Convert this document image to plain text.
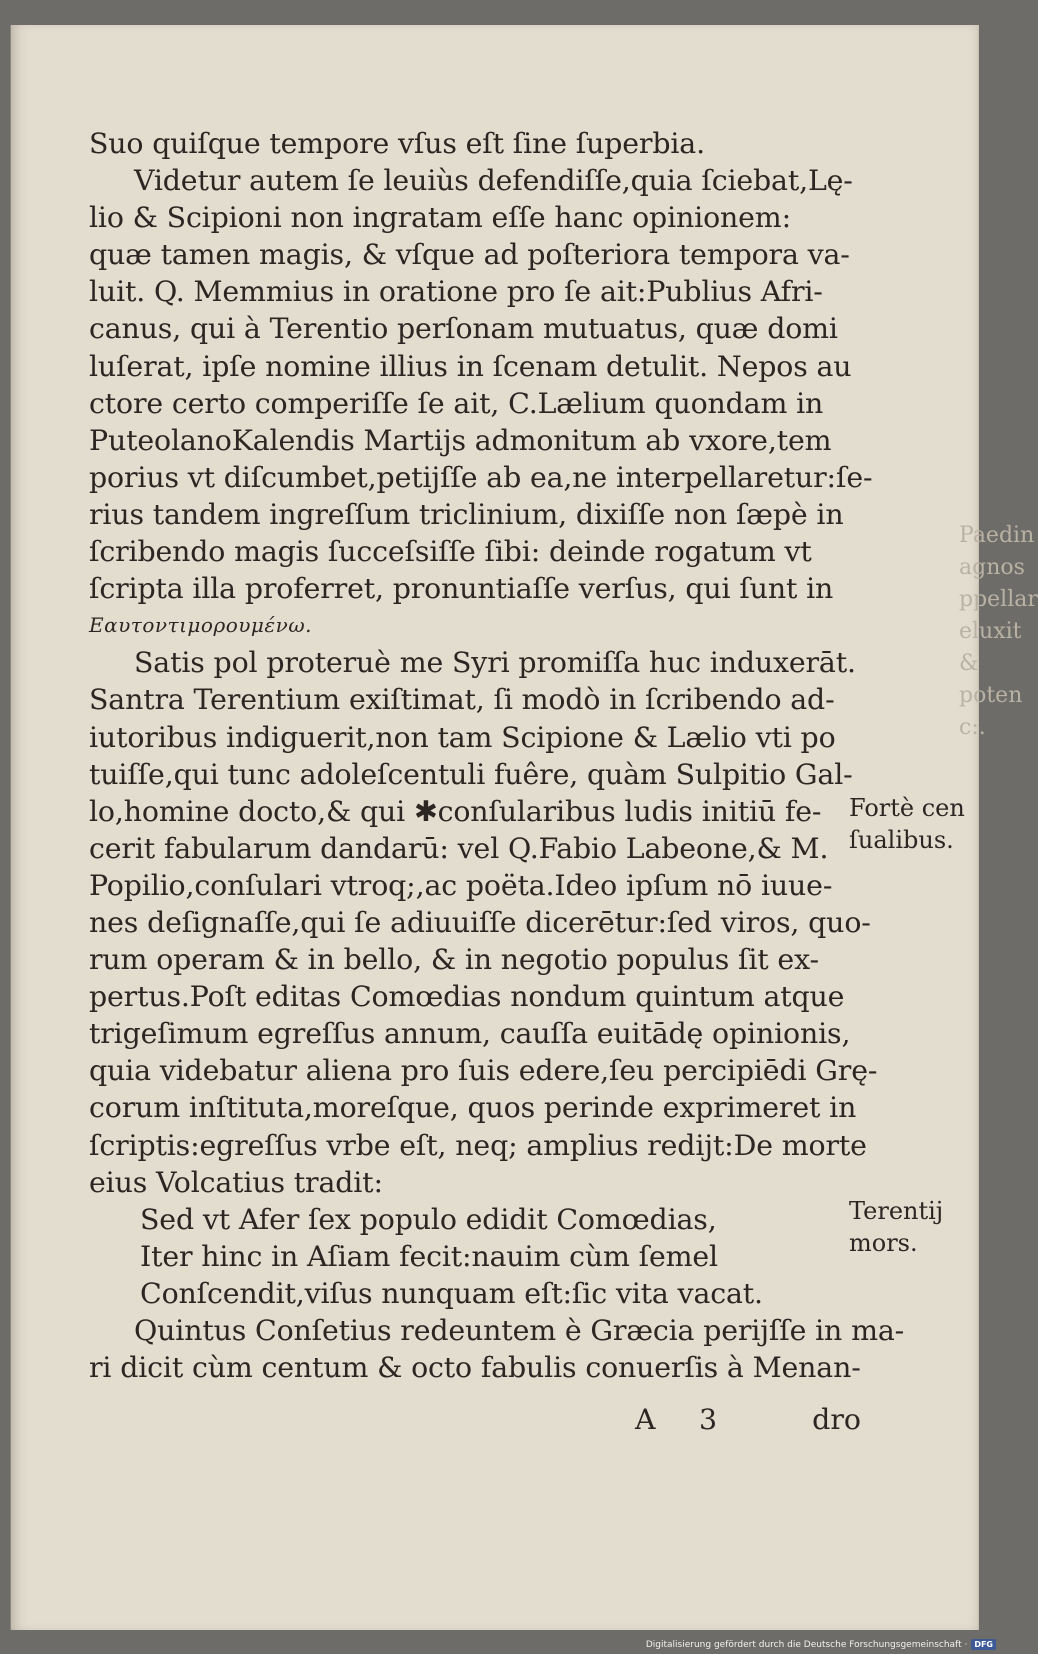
Suo quiſque tempore vſus eſt ſine ſuperbia.
Videtur autem ſe leuiùs defendiſſe,quia ſciebat,Lę-
lio & Scipioni non ingratam eſſe hanc opinionem:
quæ tamen magis, & vſque ad poſteriora tempora va-
luit. Q. Memmius in oratione pro ſe ait:Publius Afri-
canus, qui à Terentio perſonam mutuatus, quæ domi
luſerat, ipſe nomine illius in ſcenam detulit. Nepos au
ctore certo comperiſſe ſe ait, C.Lælium quondam in
PuteolanoKalendis Martijs admonitum ab vxore,tem
porius vt diſcumbet,petijſſe ab ea,ne interpellaretur:ſe-
rius tandem ingreſſum triclinium, dixiſſe non ſæpè in
ſcribendo magis ſucceſsiſſe ſibi: deinde rogatum vt
ſcripta illa proferret, pronuntiaſſe verſus, qui ſunt in
Εαυτοντιμορουμένω.
Satis pol proteruè me Syri promiſſa huc induxerāt.
Santra Terentium exiſtimat, ſi modò in ſcribendo ad-
iutoribus indiguerit,non tam Scipione & Lælio vti po
tuiſſe,qui tunc adoleſcentuli fuêre, quàm Sulpitio Gal-
lo,homine docto,& qui ✱conſularibus ludis initiū fe-
cerit fabularum dandarū: vel Q.Fabio Labeone,& M.
Popilio,conſulari vtroq;,ac poëta.Ideo ipſum nō iuue-
nes deſignaſſe,qui ſe adiuuiſſe dicerētur:ſed viros, quo-
rum operam & in bello, & in negotio populus ſit ex-
pertus.Poſt editas Comœdias nondum quintum atque
trigeſimum egreſſus annum, cauſſa euitādę opinionis,
quia videbatur aliena pro ſuis edere,ſeu percipiēdi Grę-
corum inſtituta,moreſque, quos perinde exprimeret in
ſcriptis:egreſſus vrbe eſt, neq; amplius redijt:De morte
eius Volcatius tradit:
Sed vt Afer ſex populo edidit Comœdias,
Iter hinc in Aſiam fecit:nauim cùm ſemel
Conſcendit,viſus nunquam eſt:ſic vita vacat.
Quintus Conſetius redeuntem è Græcia perijſſe in ma-
ri dicit cùm centum & octo fabulis conuerſis à Menan-
Fortè cen
ſualibus.
Terentij
mors.
A 3	dro
Paedin
agnos
ppellar
eluxit
& poten
c:.
Digitalisierung gefördert durch die Deutsche Forschungsgemeinschaft · DFG
